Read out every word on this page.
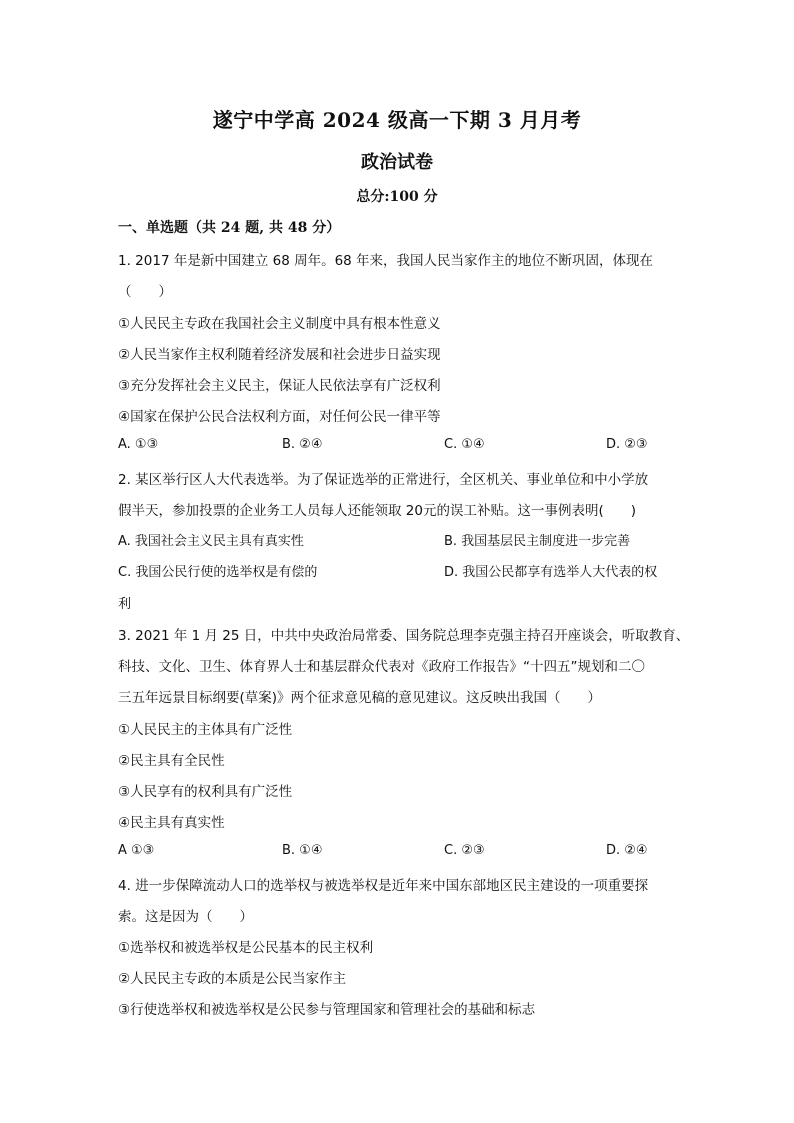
遂宁中学高 2024 级高一下期 3 月月考
政治试卷
总分:100 分
一、单选题（共 24 题, 共 48 分）
1. 2017 年是新中国建立 68 周年。68 年来，我国人民当家作主的地位不断巩固，体现在
（　　）
①人民民主专政在我国社会主义制度中具有根本性意义
②人民当家作主权利随着经济发展和社会进步日益实现
③充分发挥社会主义民主，保证人民依法享有广泛权利
④国家在保护公民合法权利方面，对任何公民一律平等
A. ①③	B. ②④	C. ①④	D. ②③
2. 某区举行区人大代表选举。为了保证选举的正常进行，全区机关、事业单位和中小学放
假半天，参加投票的企业务工人员每人还能领取 20元的误工补贴。这一事例表明(　　)
A. 我国社会主义民主具有真实性	B. 我国基层民主制度进一步完善
C. 我国公民行使的选举权是有偿的	D. 我国公民都享有选举人大代表的权
利
3. 2021 年 1 月 25 日，中共中央政治局常委、国务院总理李克强主持召开座谈会，听取教育、
科技、文化、卫生、体育界人士和基层群众代表对《政府工作报告》“十四五”规划和二〇
三五年远景目标纲要(草案)》两个征求意见稿的意见建议。这反映出我国（　　）
①人民民主的主体具有广泛性
②民主具有全民性
③人民享有的权利具有广泛性
④民主具有真实性
A ①③	B. ①④	C. ②③	D. ②④
4. 进一步保障流动人口的选举权与被选举权是近年来中国东部地区民主建设的一项重要探
索。这是因为（　　）
①选举权和被选举权是公民基本的民主权利
②人民民主专政的本质是公民当家作主
③行使选举权和被选举权是公民参与管理国家和管理社会的基础和标志
